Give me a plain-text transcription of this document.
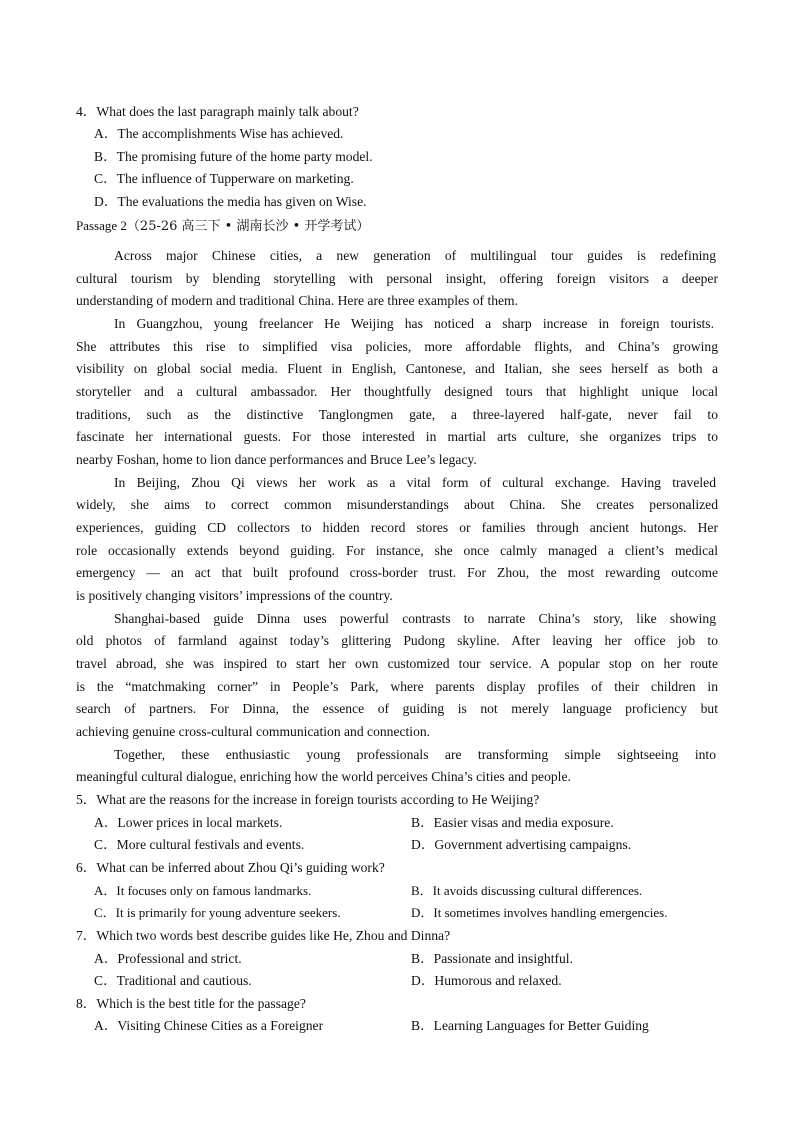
4．What does the last paragraph mainly talk about?
A．The accomplishments Wise has achieved.
B．The promising future of the home party model.
C．The influence of Tupperware on marketing.
D．The evaluations the media has given on Wise.
Passage 2（25-26 高三下 • 湖南长沙 • 开学考试）
Across major Chinese cities, a new generation of multilingual tour guides is redefining
cultural tourism by blending storytelling with personal insight, offering foreign visitors a deeper
understanding of modern and traditional China. Here are three examples of them.
In Guangzhou, young freelancer He Weijing has noticed a sharp increase in foreign tourists.
She attributes this rise to simplified visa policies, more affordable flights, and China’s growing
visibility on global social media. Fluent in English, Cantonese, and Italian, she sees herself as both a
storyteller and a cultural ambassador. Her thoughtfully designed tours that highlight unique local
traditions, such as the distinctive Tanglongmen gate, a three-layered half-gate, never fail to
fascinate her international guests. For those interested in martial arts culture, she organizes trips to
nearby Foshan, home to lion dance performances and Bruce Lee’s legacy.
In Beijing, Zhou Qi views her work as a vital form of cultural exchange. Having traveled
widely, she aims to correct common misunderstandings about China. She creates personalized
experiences, guiding CD collectors to hidden record stores or families through ancient hutongs. Her
role occasionally extends beyond guiding. For instance, she once calmly managed a client’s medical
emergency — an act that built profound cross-border trust. For Zhou, the most rewarding outcome
is positively changing visitors’ impressions of the country.
Shanghai-based guide Dinna uses powerful contrasts to narrate China’s story, like showing
old photos of farmland against today’s glittering Pudong skyline. After leaving her office job to
travel abroad, she was inspired to start her own customized tour service. A popular stop on her route
is the “matchmaking corner” in People’s Park, where parents display profiles of their children in
search of partners. For Dinna, the essence of guiding is not merely language proficiency but
achieving genuine cross-cultural communication and connection.
Together, these enthusiastic young professionals are transforming simple sightseeing into
meaningful cultural dialogue, enriching how the world perceives China’s cities and people.
5．What are the reasons for the increase in foreign tourists according to He Weijing?
A．Lower prices in local markets.	B．Easier visas and media exposure.
C．More cultural festivals and events.	D．Government advertising campaigns.
6．What can be inferred about Zhou Qi’s guiding work?
A．It focuses only on famous landmarks.	B．It avoids discussing cultural differences.
C．It is primarily for young adventure seekers.	D．It sometimes involves handling emergencies.
7．Which two words best describe guides like He, Zhou and Dinna?
A．Professional and strict.	B．Passionate and insightful.
C．Traditional and cautious.	D．Humorous and relaxed.
8．Which is the best title for the passage?
A．Visiting Chinese Cities as a Foreigner	B．Learning Languages for Better Guiding
